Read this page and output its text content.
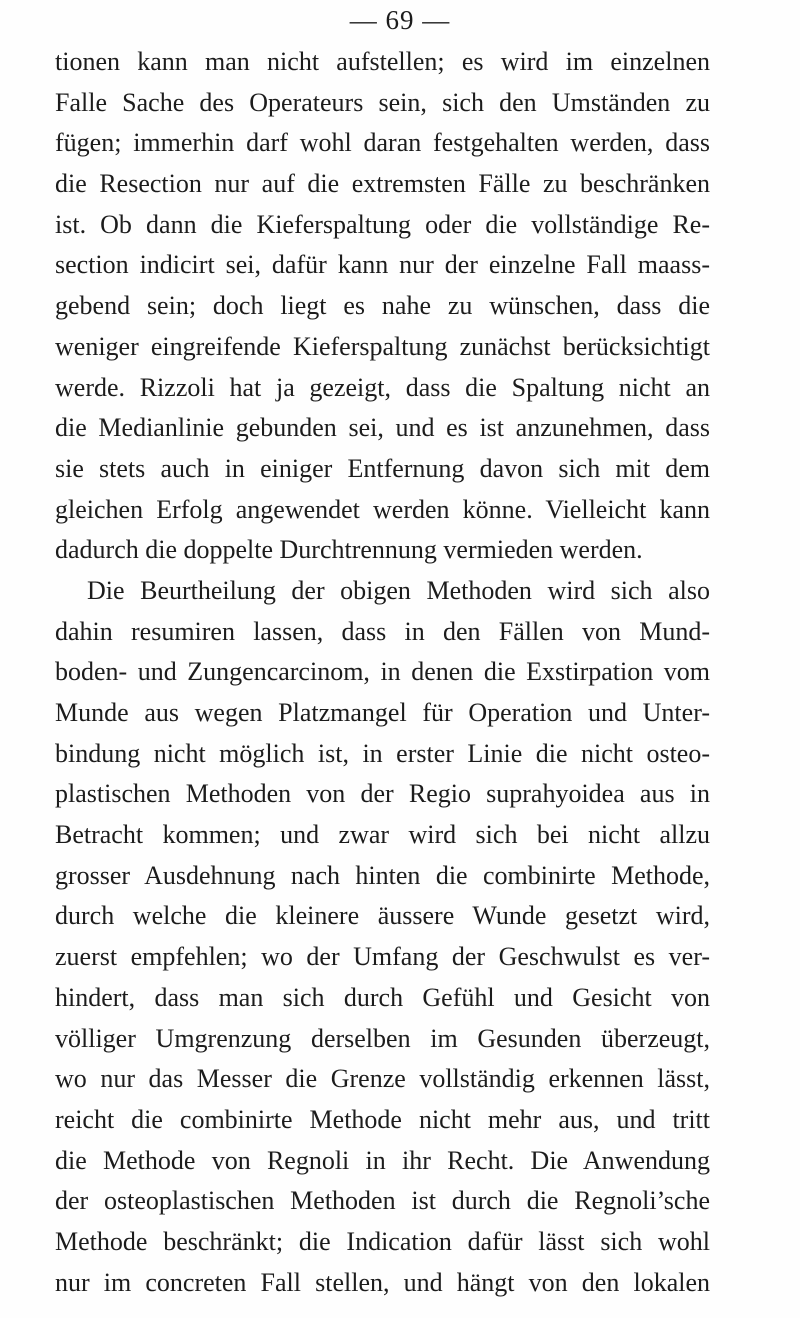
— 69 —
tionen kann man nicht aufstellen; es wird im einzelnen
Falle Sache des Operateurs sein, sich den Umständen zu
fügen; immerhin darf wohl daran festgehalten werden, dass
die Resection nur auf die extremsten Fälle zu beschränken
ist. Ob dann die Kieferspaltung oder die vollständige Re-
section indicirt sei, dafür kann nur der einzelne Fall maass-
gebend sein; doch liegt es nahe zu wünschen, dass die
weniger eingreifende Kieferspaltung zunächst berücksichtigt
werde. Rizzoli hat ja gezeigt, dass die Spaltung nicht an
die Medianlinie gebunden sei, und es ist anzunehmen, dass
sie stets auch in einiger Entfernung davon sich mit dem
gleichen Erfolg angewendet werden könne. Vielleicht kann
dadurch die doppelte Durchtrennung vermieden werden.
Die Beurtheilung der obigen Methoden wird sich also
dahin resumiren lassen, dass in den Fällen von Mund-
boden- und Zungencarcinom, in denen die Exstirpation vom
Munde aus wegen Platzmangel für Operation und Unter-
bindung nicht möglich ist, in erster Linie die nicht osteo-
plastischen Methoden von der Regio suprahyoidea aus in
Betracht kommen; und zwar wird sich bei nicht allzu
grosser Ausdehnung nach hinten die combinirte Methode,
durch welche die kleinere äussere Wunde gesetzt wird,
zuerst empfehlen; wo der Umfang der Geschwulst es ver-
hindert, dass man sich durch Gefühl und Gesicht von
völliger Umgrenzung derselben im Gesunden überzeugt,
wo nur das Messer die Grenze vollständig erkennen lässt,
reicht die combinirte Methode nicht mehr aus, und tritt
die Methode von Regnoli in ihr Recht. Die Anwendung
der osteoplastischen Methoden ist durch die Regnoli’sche
Methode beschränkt; die Indication dafür lässt sich wohl
nur im concreten Fall stellen, und hängt von den lokalen
